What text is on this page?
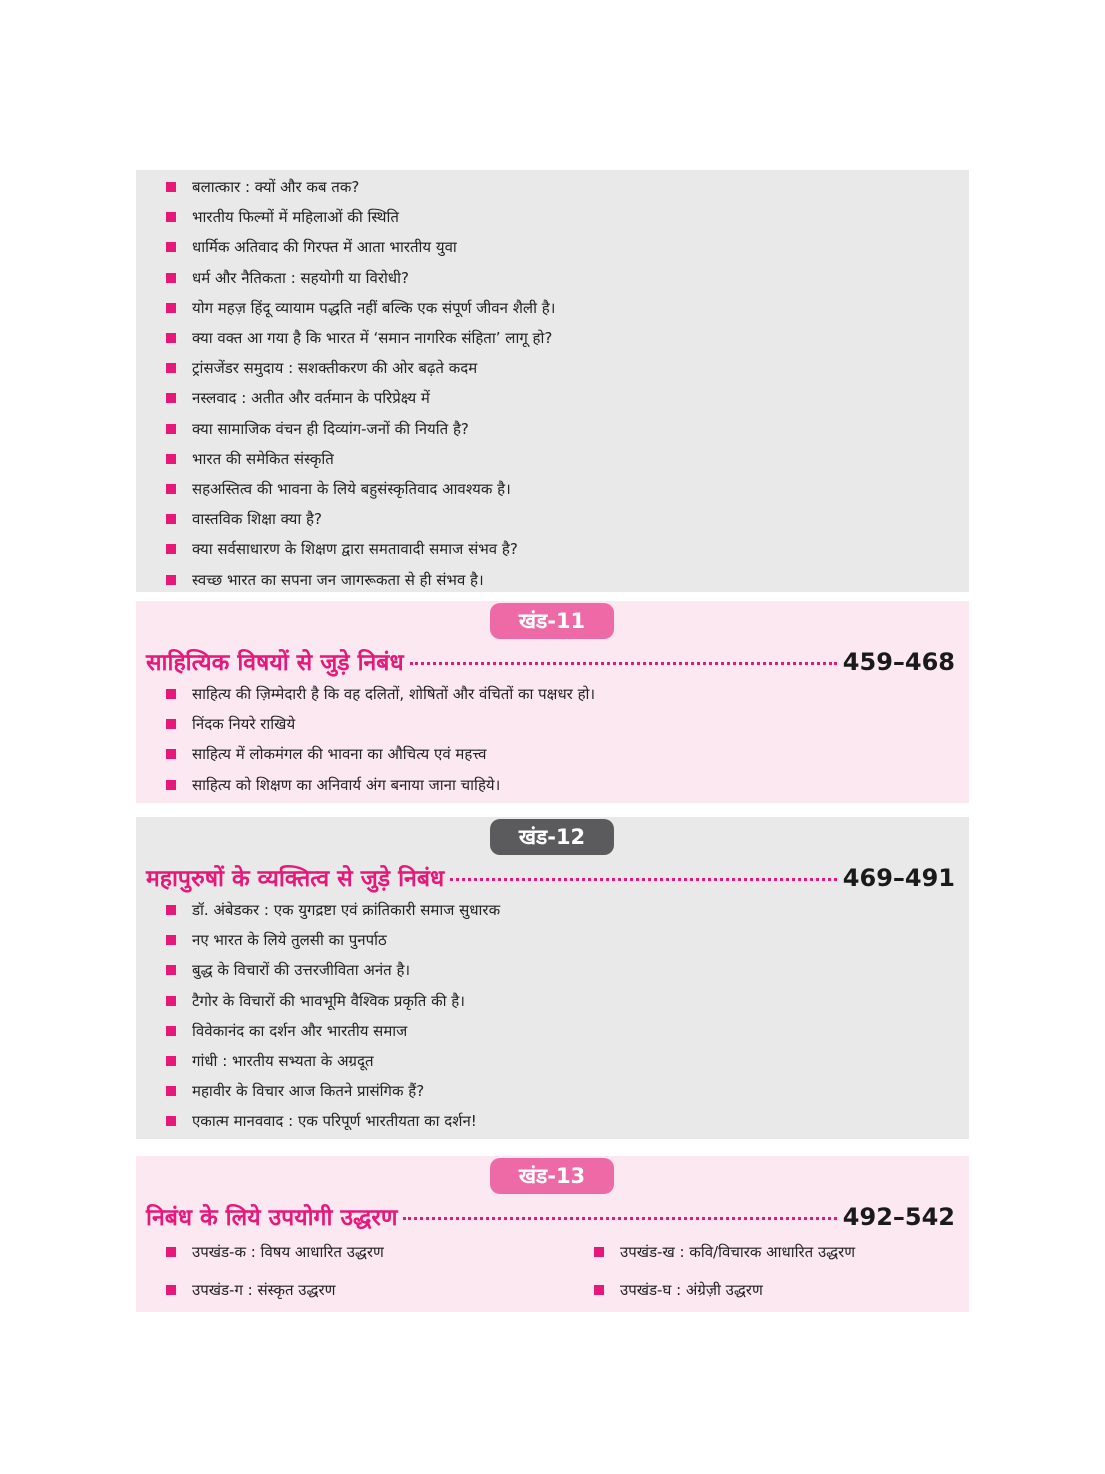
बलात्कार : क्यों और कब तक?
भारतीय फिल्मों में महिलाओं की स्थिति
धार्मिक अतिवाद की गिरफ्त में आता भारतीय युवा
धर्म और नैतिकता : सहयोगी या विरोधी?
योग महज़ हिंदू व्यायाम पद्धति नहीं बल्कि एक संपूर्ण जीवन शैली है।
क्या वक्त आ गया है कि भारत में ‘समान नागरिक संहिता’ लागू हो?
ट्रांसजेंडर समुदाय : सशक्तीकरण की ओर बढ़ते कदम
नस्लवाद : अतीत और वर्तमान के परिप्रेक्ष्य में
क्या सामाजिक वंचन ही दिव्यांग-जनों की नियति है?
भारत की समेकित संस्कृति
सहअस्तित्व की भावना के लिये बहुसंस्कृतिवाद आवश्यक है।
वास्तविक शिक्षा क्या है?
क्या सर्वसाधारण के शिक्षण द्वारा समतावादी समाज संभव है?
स्वच्छ भारत का सपना जन जागरूकता से ही संभव है।
खंड-11
साहित्यिक विषयों से जुड़े निबंध	459–468
साहित्य की ज़िम्मेदारी है कि वह दलितों, शोषितों और वंचितों का पक्षधर हो।
निंदक नियरे राखिये
साहित्य में लोकमंगल की भावना का औचित्य एवं महत्त्व
साहित्य को शिक्षण का अनिवार्य अंग बनाया जाना चाहिये।
खंड-12
महापुरुषों के व्यक्तित्व से जुड़े निबंध	469–491
डॉ. अंबेडकर : एक युगद्रष्टा एवं क्रांतिकारी समाज सुधारक
नए भारत के लिये तुलसी का पुनर्पाठ
बुद्ध के विचारों की उत्तरजीविता अनंत है।
टैगोर के विचारों की भावभूमि वैश्विक प्रकृति की है।
विवेकानंद का दर्शन और भारतीय समाज
गांधी : भारतीय सभ्यता के अग्रदूत
महावीर के विचार आज कितने प्रासंगिक हैं?
एकात्म मानववाद : एक परिपूर्ण भारतीयता का दर्शन!
खंड-13
निबंध के लिये उपयोगी उद्धरण	492–542
उपखंड-क : विषय आधारित उद्धरण	उपखंड-ख : कवि/विचारक आधारित उद्धरण
उपखंड-ग : संस्कृत उद्धरण	उपखंड-घ : अंग्रेज़ी उद्धरण
